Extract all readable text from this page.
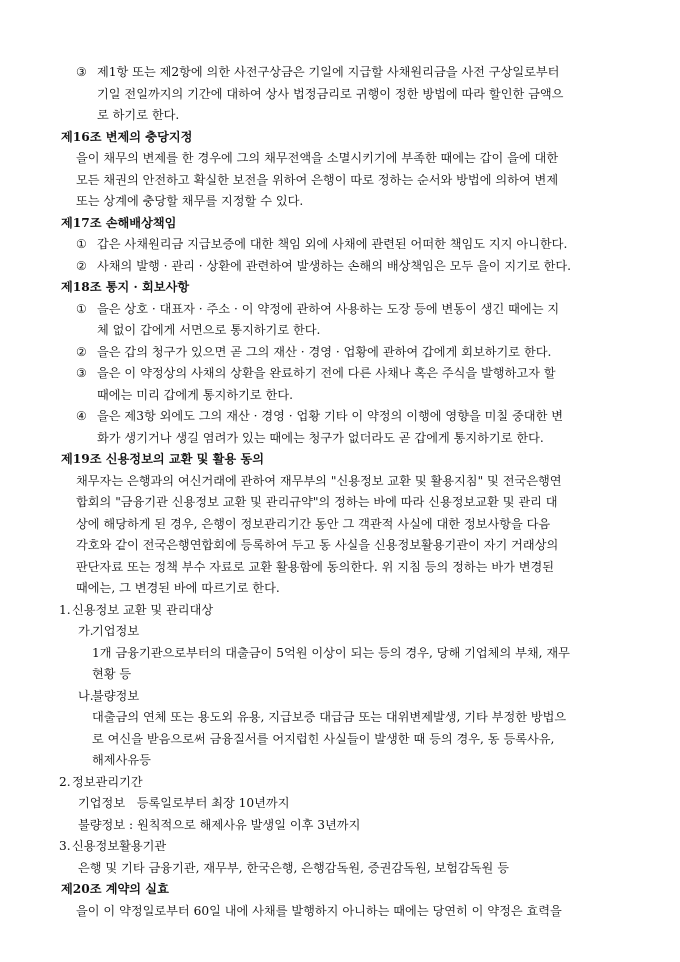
③ 제1항 또는 제2항에 의한 사전구상금은 기일에 지급할 사채원리금을 사전 구상일로부터
기일 전일까지의 기간에 대하여 상사 법정금리로 귀행이 정한 방법에 따라 할인한 금액으
로 하기로 한다.
제16조 변제의 충당지정
을이 채무의 변제를 한 경우에 그의 채무전액을 소멸시키기에 부족한 때에는 갑이 을에 대한
모든 채권의 안전하고 확실한 보전을 위하여 은행이 따로 정하는 순서와 방법에 의하여 변제
또는 상계에 충당할 채무를 지정할 수 있다.
제17조 손해배상책임
① 갑은 사채원리금 지급보증에 대한 책임 외에 사채에 관련된 어떠한 책임도 지지 아니한다.
② 사채의 발행 · 관리 · 상환에 관련하여 발생하는 손해의 배상책임은 모두 을이 지기로 한다.
제18조 통지 · 회보사항
① 을은 상호 · 대표자 · 주소 · 이 약정에 관하여 사용하는 도장 등에 변동이 생긴 때에는 지
체 없이 갑에게 서면으로 통지하기로 한다.
② 을은 갑의 청구가 있으면 곧 그의 재산 · 경영 · 업황에 관하여 갑에게 회보하기로 한다.
③ 을은 이 약정상의 사채의 상환을 완료하기 전에 다른 사채나 혹은 주식을 발행하고자 할
때에는 미리 갑에게 통지하기로 한다.
④ 을은 제3항 외에도 그의 재산 · 경영 · 업황 기타 이 약정의 이행에 영향을 미칠 중대한 변
화가 생기거나 생길 염려가 있는 때에는 청구가 없더라도 곧 갑에게 통지하기로 한다.
제19조 신용정보의 교환 및 활용 동의
채무자는 은행과의 여신거래에 관하여 재무부의 "신용정보 교환 및 활용지침" 및 전국은행연
합회의 "금융기관 신용정보 교환 및 관리규약"의 정하는 바에 따라 신용정보교환 및 관리 대
상에 해당하게 된 경우, 은행이 정보관리기간 동안 그 객관적 사실에 대한 정보사항을 다음
각호와 같이 전국은행연합회에 등록하여 두고 동 사실을 신용정보활용기관이 자기 거래상의
판단자료 또는 정책 부수 자료로 교환 활용함에 동의한다. 위 지침 등의 정하는 바가 변경된
때에는, 그 변경된 바에 따르기로 한다.
1. 신용정보 교환 및 관리대상
가.
기업정보
1개 금융기관으로부터의 대출금이 5억원 이상이 되는 등의 경우, 당해 기업체의 부채, 재무
현황 등
나.
불량정보
대출금의 연체 또는 용도외 유용, 지급보증 대급금 또는 대위변제발생, 기타 부정한 방법으
로 여신을 받음으로써 금융질서를 어지럽힌 사실들이 발생한 때 등의 경우, 동 등록사유,
해제사유등
2. 정보관리기간
기업정보   등록일로부터 최장 10년까지
불량정보 : 원칙적으로 해제사유 발생일 이후 3년까지
3. 신용정보활용기관
은행 및 기타 금융기관, 재무부, 한국은행, 은행감독원, 증권감독원, 보험감독원 등
제20조 계약의 실효
을이 이 약정일로부터 60일 내에 사채를 발행하지 아니하는 때에는 당연히 이 약정은 효력을
